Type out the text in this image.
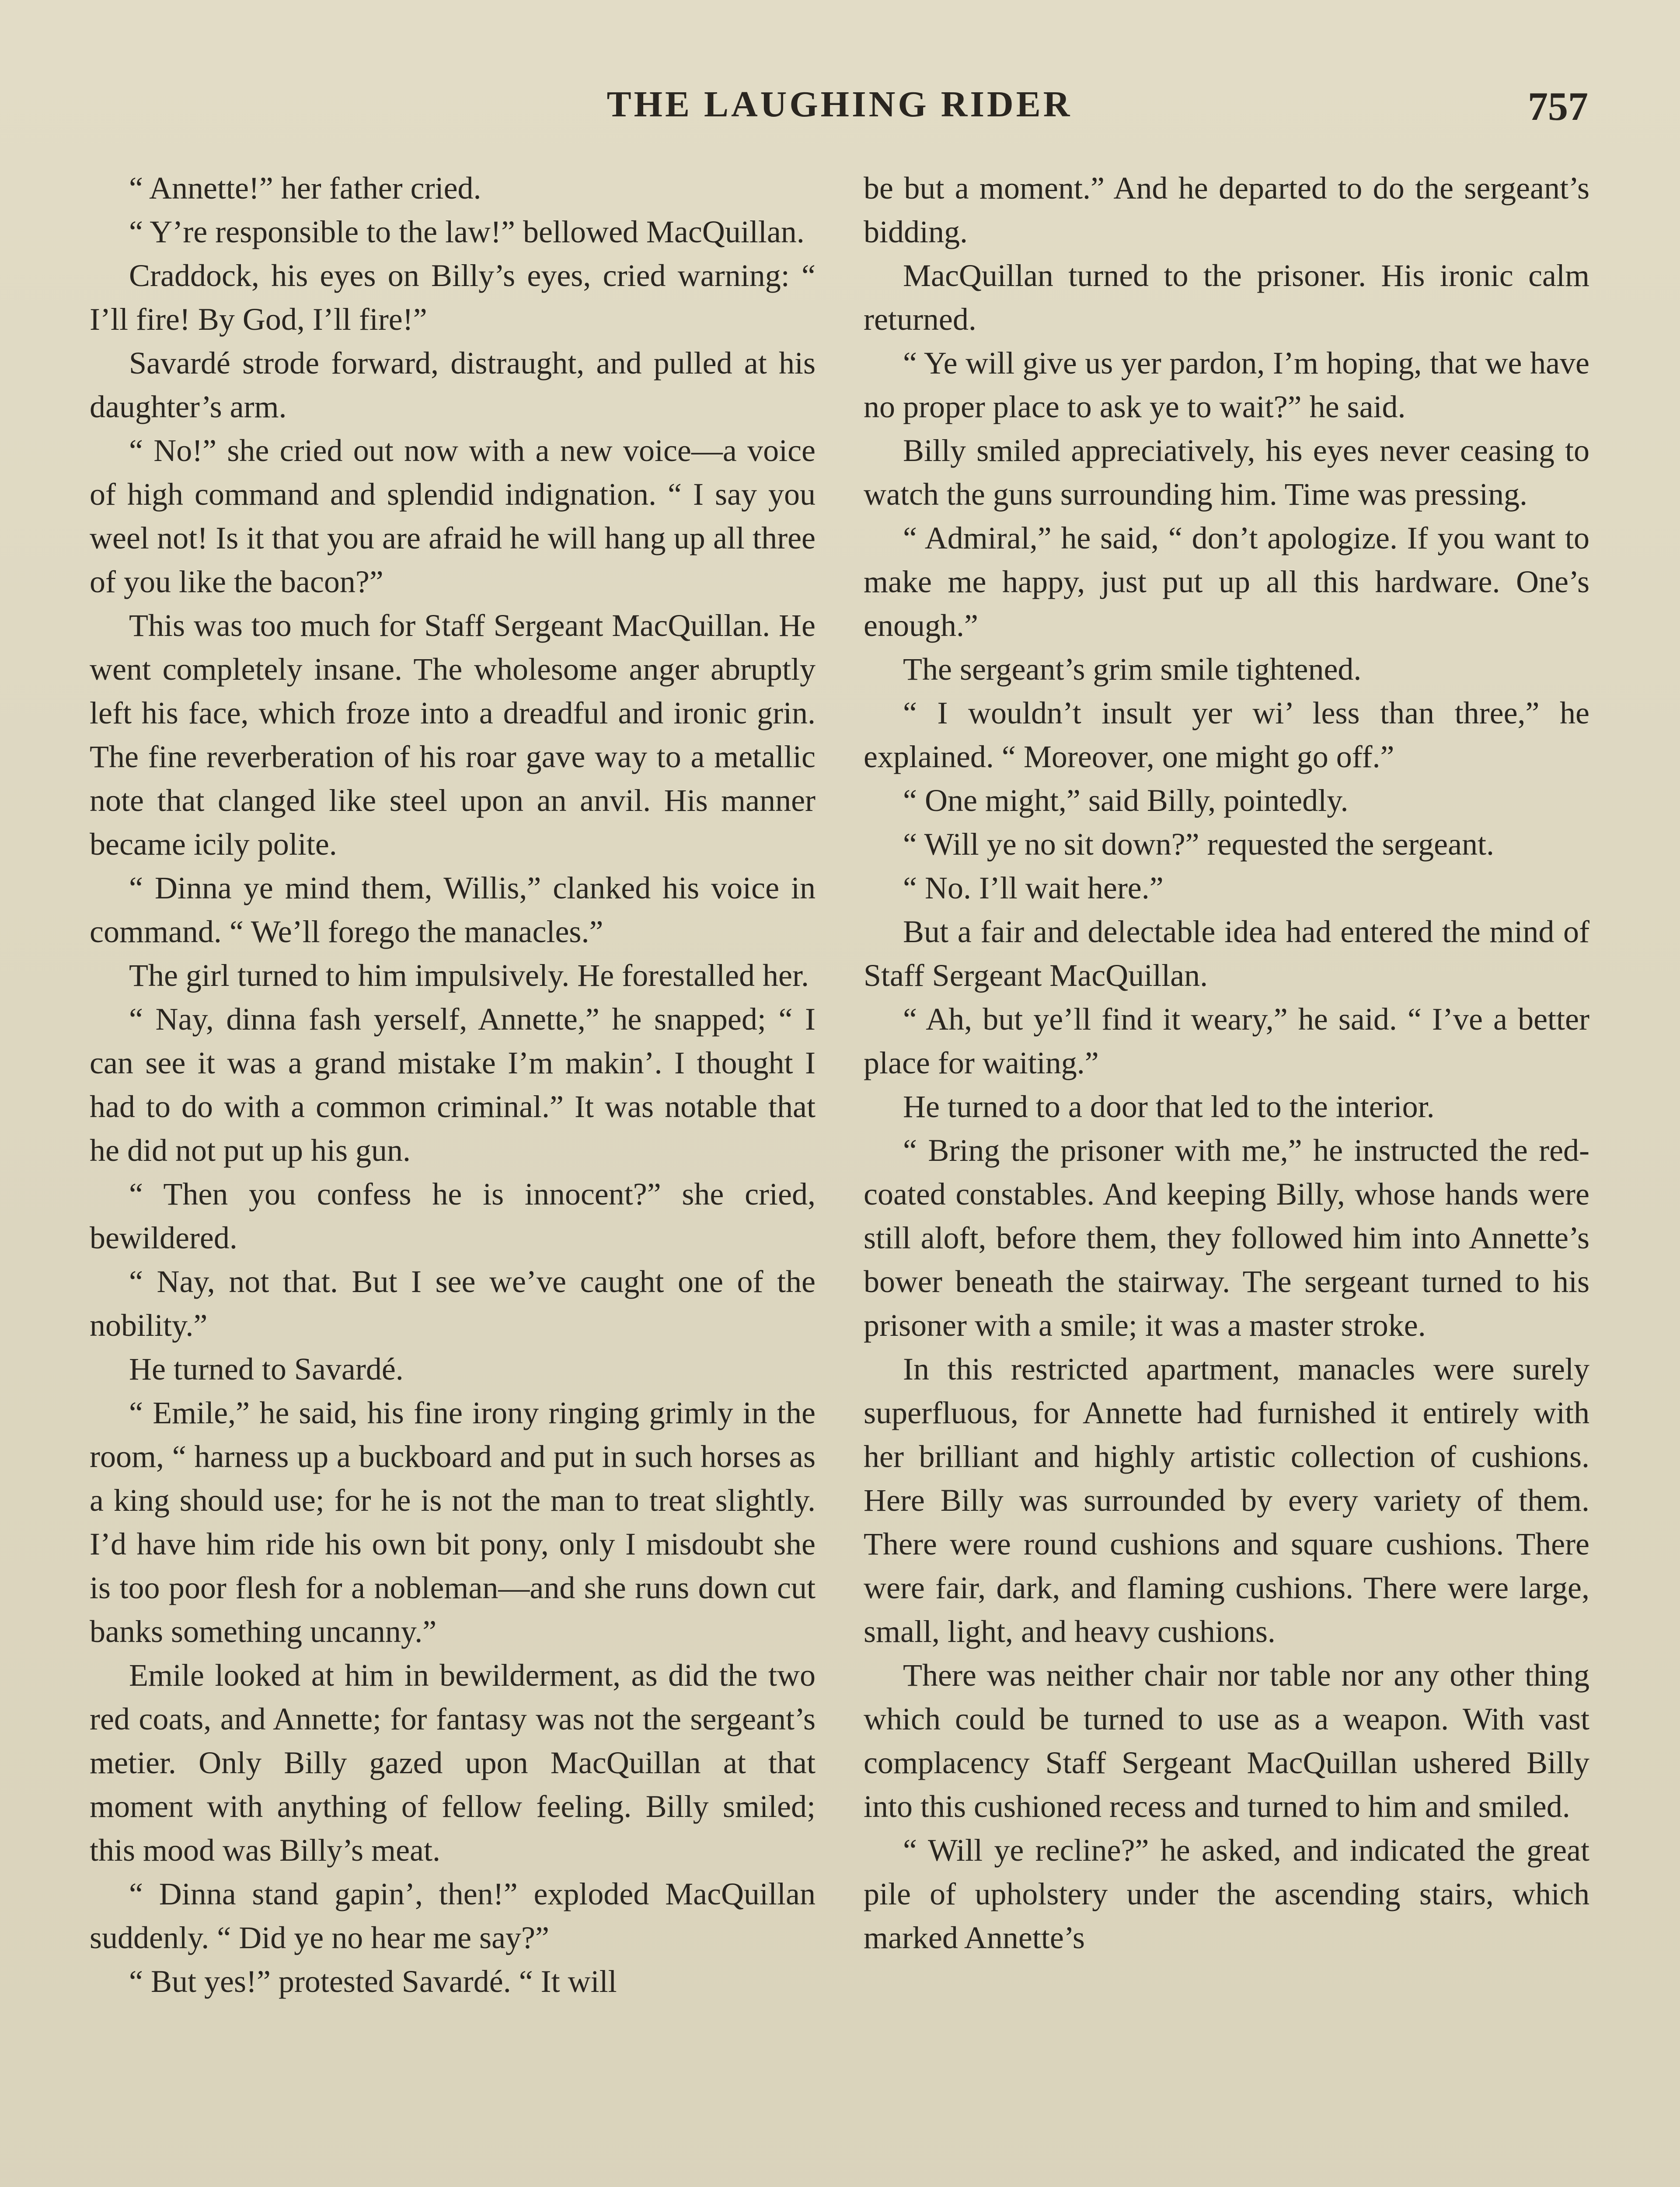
THE LAUGHING RIDER	757

“ Annette!” her father cried.

“ Y’re responsible to the law!” bellowed MacQuillan.

Craddock, his eyes on Billy’s eyes, cried warning: “ I’ll fire! By God, I’ll fire!”

Savardé strode forward, distraught, and pulled at his daughter’s arm.

“ No!” she cried out now with a new voice—a voice of high command and splendid indignation. “ I say you weel not! Is it that you are afraid he will hang up all three of you like the bacon?”

This was too much for Staff Sergeant MacQuillan. He went completely insane. The wholesome anger abruptly left his face, which froze into a dreadful and ironic grin. The fine reverberation of his roar gave way to a metallic note that clanged like steel upon an anvil. His manner became icily polite.

“ Dinna ye mind them, Willis,” clanked his voice in command. “ We’ll forego the manacles.”

The girl turned to him impulsively. He forestalled her.

“ Nay, dinna fash yerself, Annette,” he snapped; “ I can see it was a grand mistake I’m makin’. I thought I had to do with a common criminal.” It was notable that he did not put up his gun.

“ Then you confess he is innocent?” she cried, bewildered.

“ Nay, not that. But I see we’ve caught one of the nobility.”

He turned to Savardé.

“ Emile,” he said, his fine irony ringing grimly in the room, “ harness up a buckboard and put in such horses as a king should use; for he is not the man to treat slightly. I’d have him ride his own bit pony, only I misdoubt she is too poor flesh for a nobleman—and she runs down cut banks something uncanny.”

Emile looked at him in bewilderment, as did the two red coats, and Annette; for fantasy was not the sergeant’s metier. Only Billy gazed upon MacQuillan at that moment with anything of fellow feeling. Billy smiled; this mood was Billy’s meat.

“ Dinna stand gapin’, then!” exploded MacQuillan suddenly. “ Did ye no hear me say?”

“ But yes!” protested Savardé. “ It will

be but a moment.” And he departed to do the sergeant’s bidding.

MacQuillan turned to the prisoner. His ironic calm returned.

“ Ye will give us yer pardon, I’m hoping, that we have no proper place to ask ye to wait?” he said.

Billy smiled appreciatively, his eyes never ceasing to watch the guns surrounding him. Time was pressing.

“ Admiral,” he said, “ don’t apologize. If you want to make me happy, just put up all this hardware. One’s enough.”

The sergeant’s grim smile tightened.

“ I wouldn’t insult yer wi’ less than three,” he explained. “ Moreover, one might go off.”

“ One might,” said Billy, pointedly.

“ Will ye no sit down?” requested the sergeant.

“ No. I’ll wait here.”

But a fair and delectable idea had entered the mind of Staff Sergeant MacQuillan.

“ Ah, but ye’ll find it weary,” he said. “ I’ve a better place for waiting.”

He turned to a door that led to the interior.

“ Bring the prisoner with me,” he instructed the red-coated constables. And keeping Billy, whose hands were still aloft, before them, they followed him into Annette’s bower beneath the stairway. The sergeant turned to his prisoner with a smile; it was a master stroke.

In this restricted apartment, manacles were surely superfluous, for Annette had furnished it entirely with her brilliant and highly artistic collection of cushions. Here Billy was surrounded by every variety of them. There were round cushions and square cushions. There were fair, dark, and flaming cushions. There were large, small, light, and heavy cushions.

There was neither chair nor table nor any other thing which could be turned to use as a weapon. With vast complacency Staff Sergeant MacQuillan ushered Billy into this cushioned recess and turned to him and smiled.

“ Will ye recline?” he asked, and indicated the great pile of upholstery under the ascending stairs, which marked Annette’s
